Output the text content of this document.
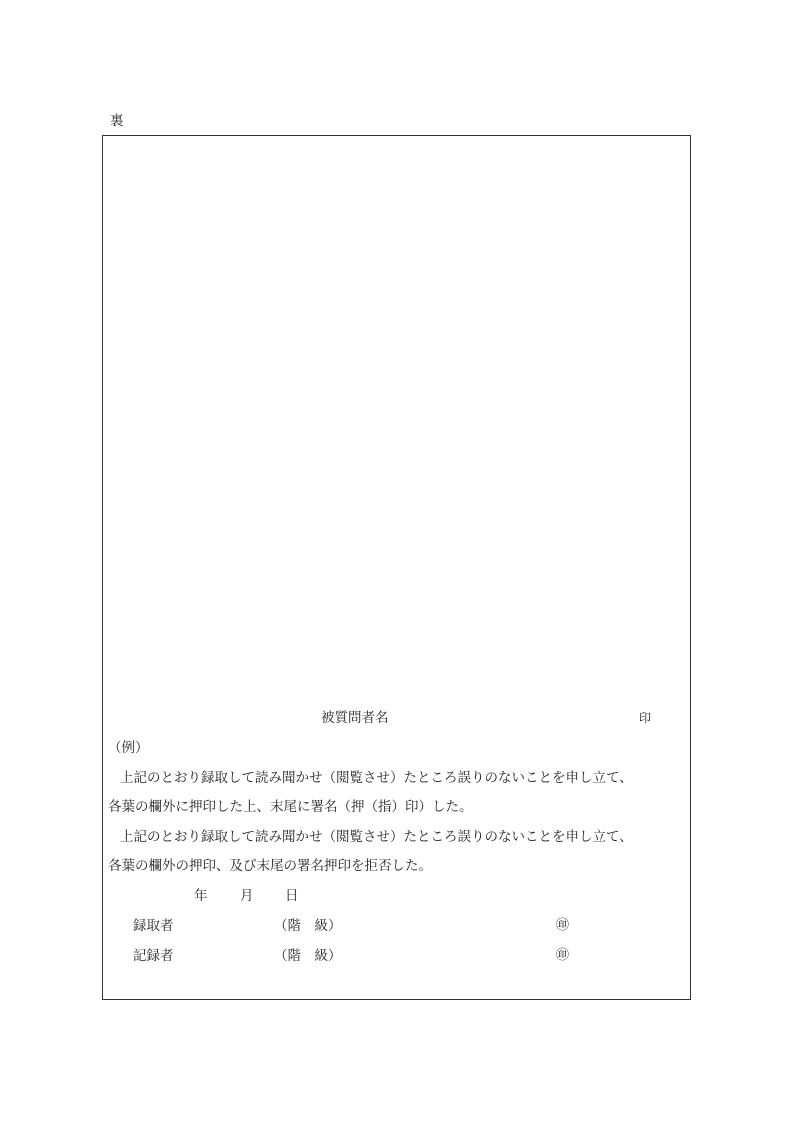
裏
被質問者名	印
（例）
上記のとおり録取して読み聞かせ（閲覧させ）たところ誤りのないことを申し立て、
各葉の欄外に押印した上、末尾に署名（押（指）印）した。
上記のとおり録取して読み聞かせ（閲覧させ）たところ誤りのないことを申し立て、
各葉の欄外の押印、及び末尾の署名押印を拒否した。
年 月 日
録取者	（階　級）	㊞
記録者	（階　級）	㊞
